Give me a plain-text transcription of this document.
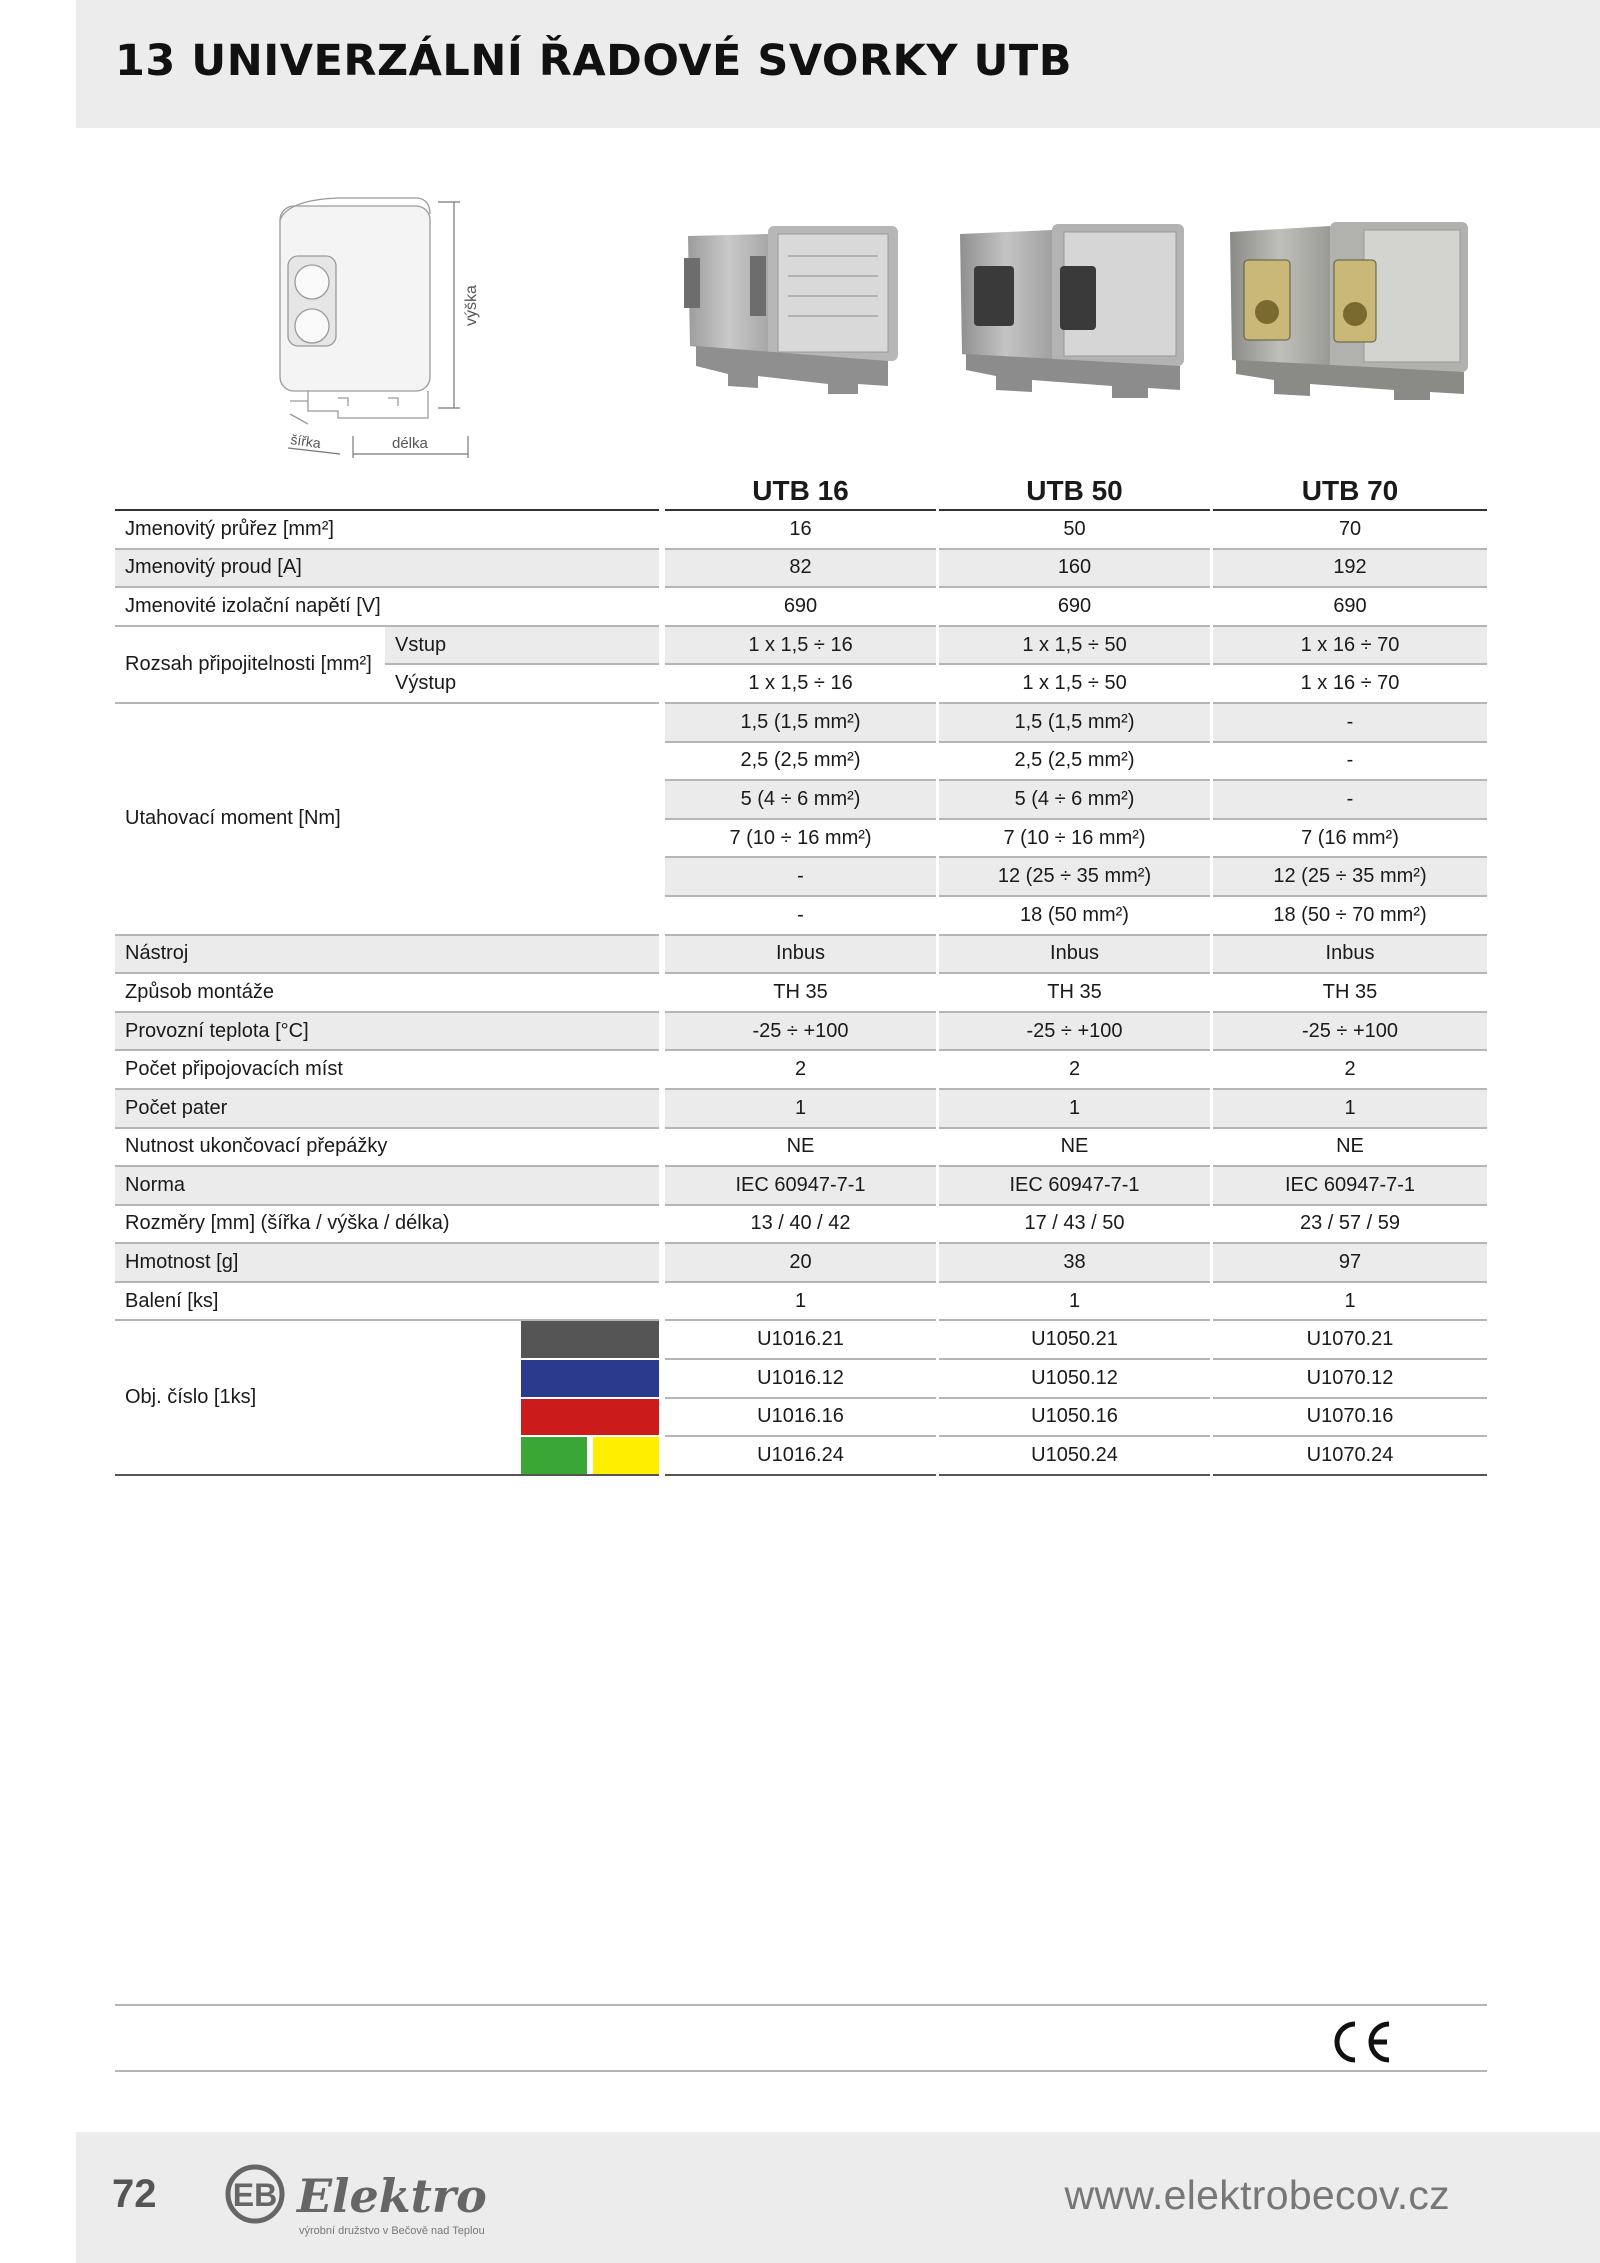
13 UNIVERZÁLNÍ ŘADOVÉ SVORKY UTB
výška
šířka	délka
				UTB 16		UTB 50		UTB 70
Jmenovitý průřez [mm²]				16		50		70
Jmenovitý proud [A]				82		160		192
Jmenovité izolační napětí [V]				690		690		690
Rozsah připojitelnosti [mm²]	Vstup			1 x 1,5 ÷ 16		1 x 1,5 ÷ 50		1 x 16 ÷ 70
	Výstup			1 x 1,5 ÷ 16		1 x 1,5 ÷ 50		1 x 16 ÷ 70
Utahovací moment [Nm]				1,5 (1,5 mm²)		1,5 (1,5 mm²)		-
				2,5 (2,5 mm²)		2,5 (2,5 mm²)		-
				5 (4 ÷ 6 mm²)		5 (4 ÷ 6 mm²)		-
				7 (10 ÷ 16 mm²)		7 (10 ÷ 16 mm²)		7 (16 mm²)
				-		12 (25 ÷ 35 mm²)		12 (25 ÷ 35 mm²)
				-		18 (50 mm²)		18 (50 ÷ 70 mm²)
Nástroj				Inbus		Inbus		Inbus
Způsob montáže				TH 35		TH 35		TH 35
Provozní teplota [°C]				-25 ÷ +100		-25 ÷ +100		-25 ÷ +100
Počet připojovacích míst				2		2		2
Počet pater				1		1		1
Nutnost ukončovací přepážky				NE		NE		NE
Norma				IEC 60947-7-1		IEC 60947-7-1		IEC 60947-7-1
Rozměry [mm] (šířka / výška / délka)				13 / 40 / 42		17 / 43 / 50		23 / 57 / 59
Hmotnost [g]				20		38		97
Balení [ks]				1		1		1
Obj. číslo [1ks]				U1016.21		U1050.21		U1070.21

				U1016.12		U1050.12		U1070.12

				U1016.16		U1050.16		U1070.16

				U1016.24		U1050.24		U1070.24
72 EB Elektro
výrobní družstvo v Bečově nad Teplou
www.elektrobecov.cz
